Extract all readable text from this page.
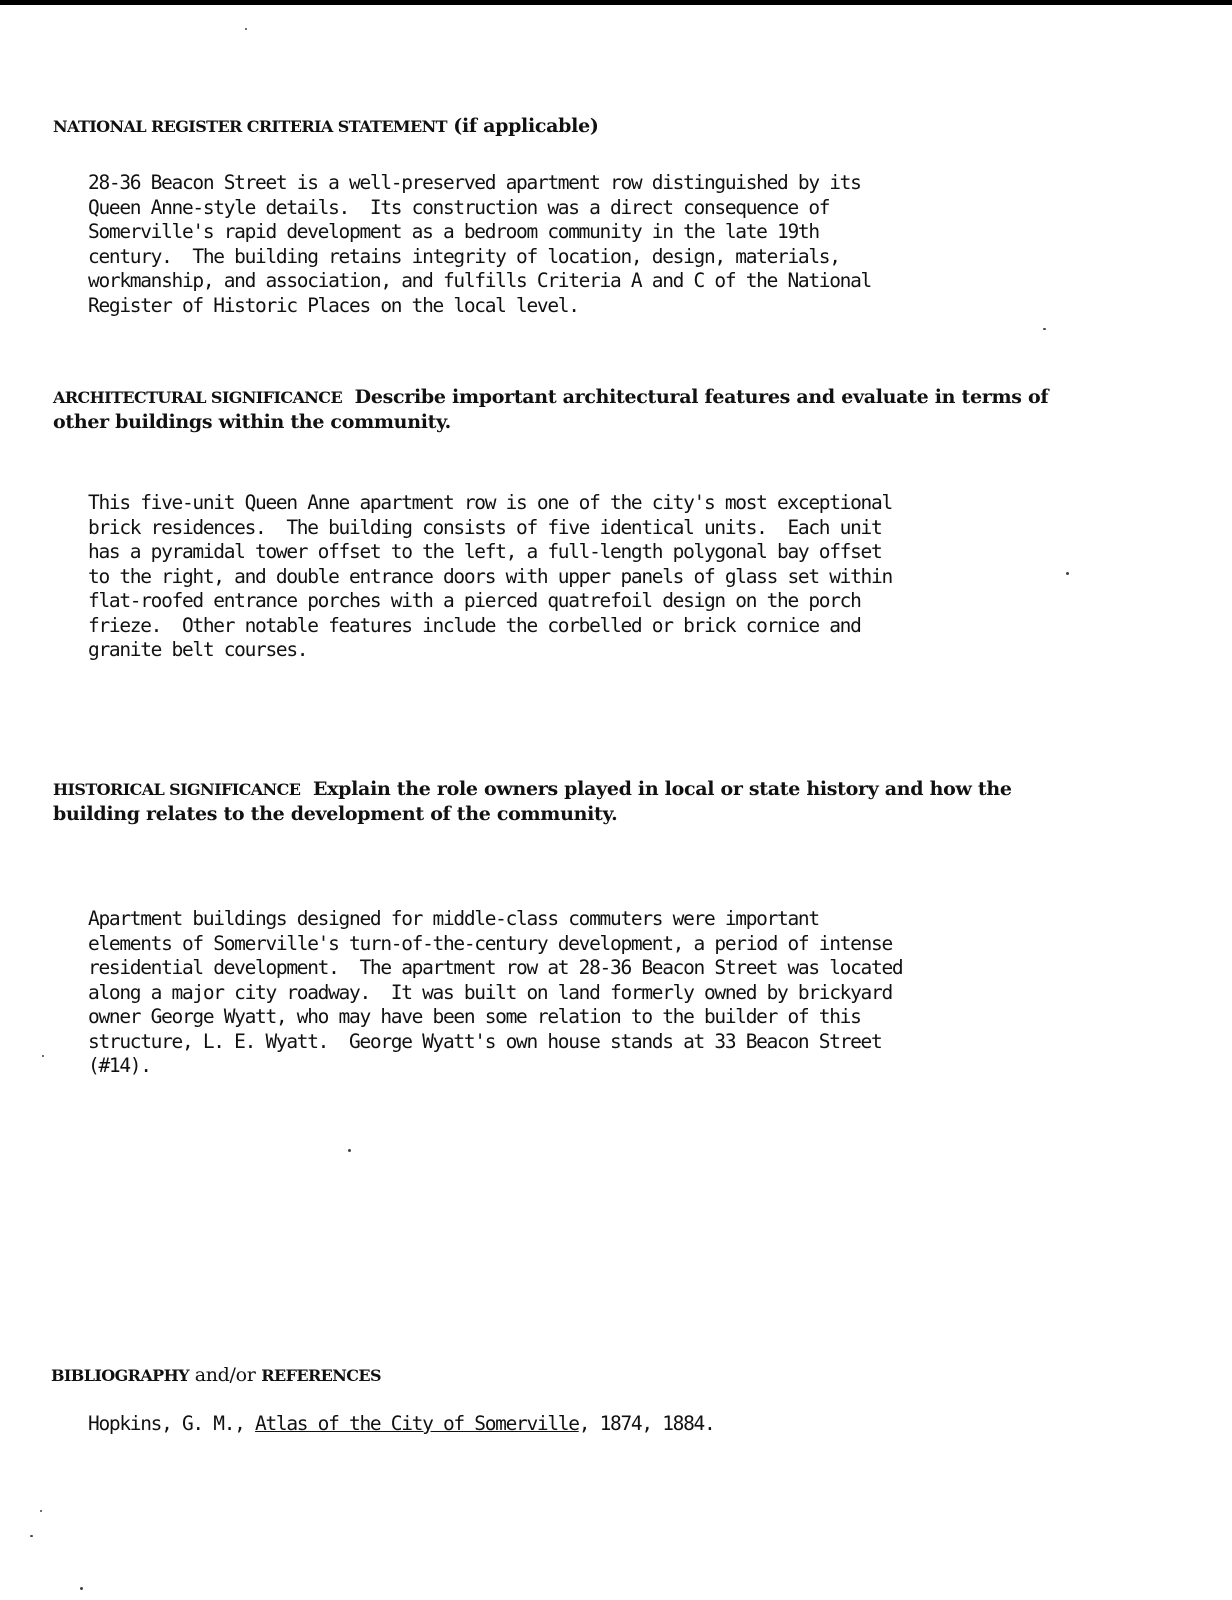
NATIONAL REGISTER CRITERIA STATEMENT (if applicable)
28-36 Beacon Street is a well-preserved apartment row distinguished by its
Queen Anne-style details.  Its construction was a direct consequence of
Somerville's rapid development as a bedroom community in the late 19th
century.  The building retains integrity of location, design, materials,
workmanship, and association, and fulfills Criteria A and C of the National
Register of Historic Places on the local level.
ARCHITECTURAL SIGNIFICANCE  Describe important architectural features and evaluate in terms of
other buildings within the community.
This five-unit Queen Anne apartment row is one of the city's most exceptional
brick residences.  The building consists of five identical units.  Each unit
has a pyramidal tower offset to the left, a full-length polygonal bay offset
to the right, and double entrance doors with upper panels of glass set within
flat-roofed entrance porches with a pierced quatrefoil design on the porch
frieze.  Other notable features include the corbelled or brick cornice and
granite belt courses.
HISTORICAL SIGNIFICANCE  Explain the role owners played in local or state history and how the
building relates to the development of the community.
Apartment buildings designed for middle-class commuters were important
elements of Somerville's turn-of-the-century development, a period of intense
residential development.  The apartment row at 28-36 Beacon Street was located
along a major city roadway.  It was built on land formerly owned by brickyard
owner George Wyatt, who may have been some relation to the builder of this
structure, L. E. Wyatt.  George Wyatt's own house stands at 33 Beacon Street
(#14).
BIBLIOGRAPHY and/or REFERENCES
Hopkins, G. M., Atlas of the City of Somerville, 1874, 1884.
